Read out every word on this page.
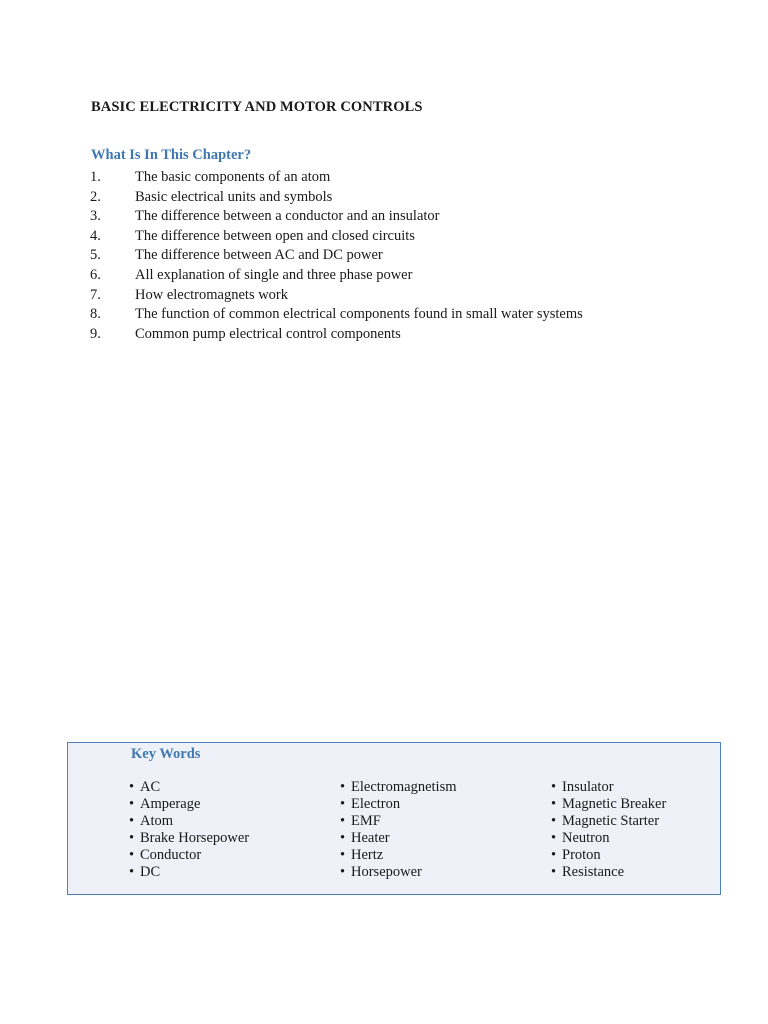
BASIC ELECTRICITY AND MOTOR CONTROLS
What Is In This Chapter?
1. The basic components of an atom
2. Basic electrical units and symbols
3. The difference between a conductor and an insulator
4. The difference between open and closed circuits
5. The difference between AC and DC power
6. All explanation of single and three phase power
7. How electromagnets work
8. The function of common electrical components found in small water systems
9. Common pump electrical control components
Key Words
• AC
• Amperage
• Atom
• Brake Horsepower
• Conductor
• DC
• Electromagnetism
• Electron
• EMF
• Heater
• Hertz
• Horsepower
• Insulator
• Magnetic Breaker
• Magnetic Starter
• Neutron
• Proton
• Resistance
